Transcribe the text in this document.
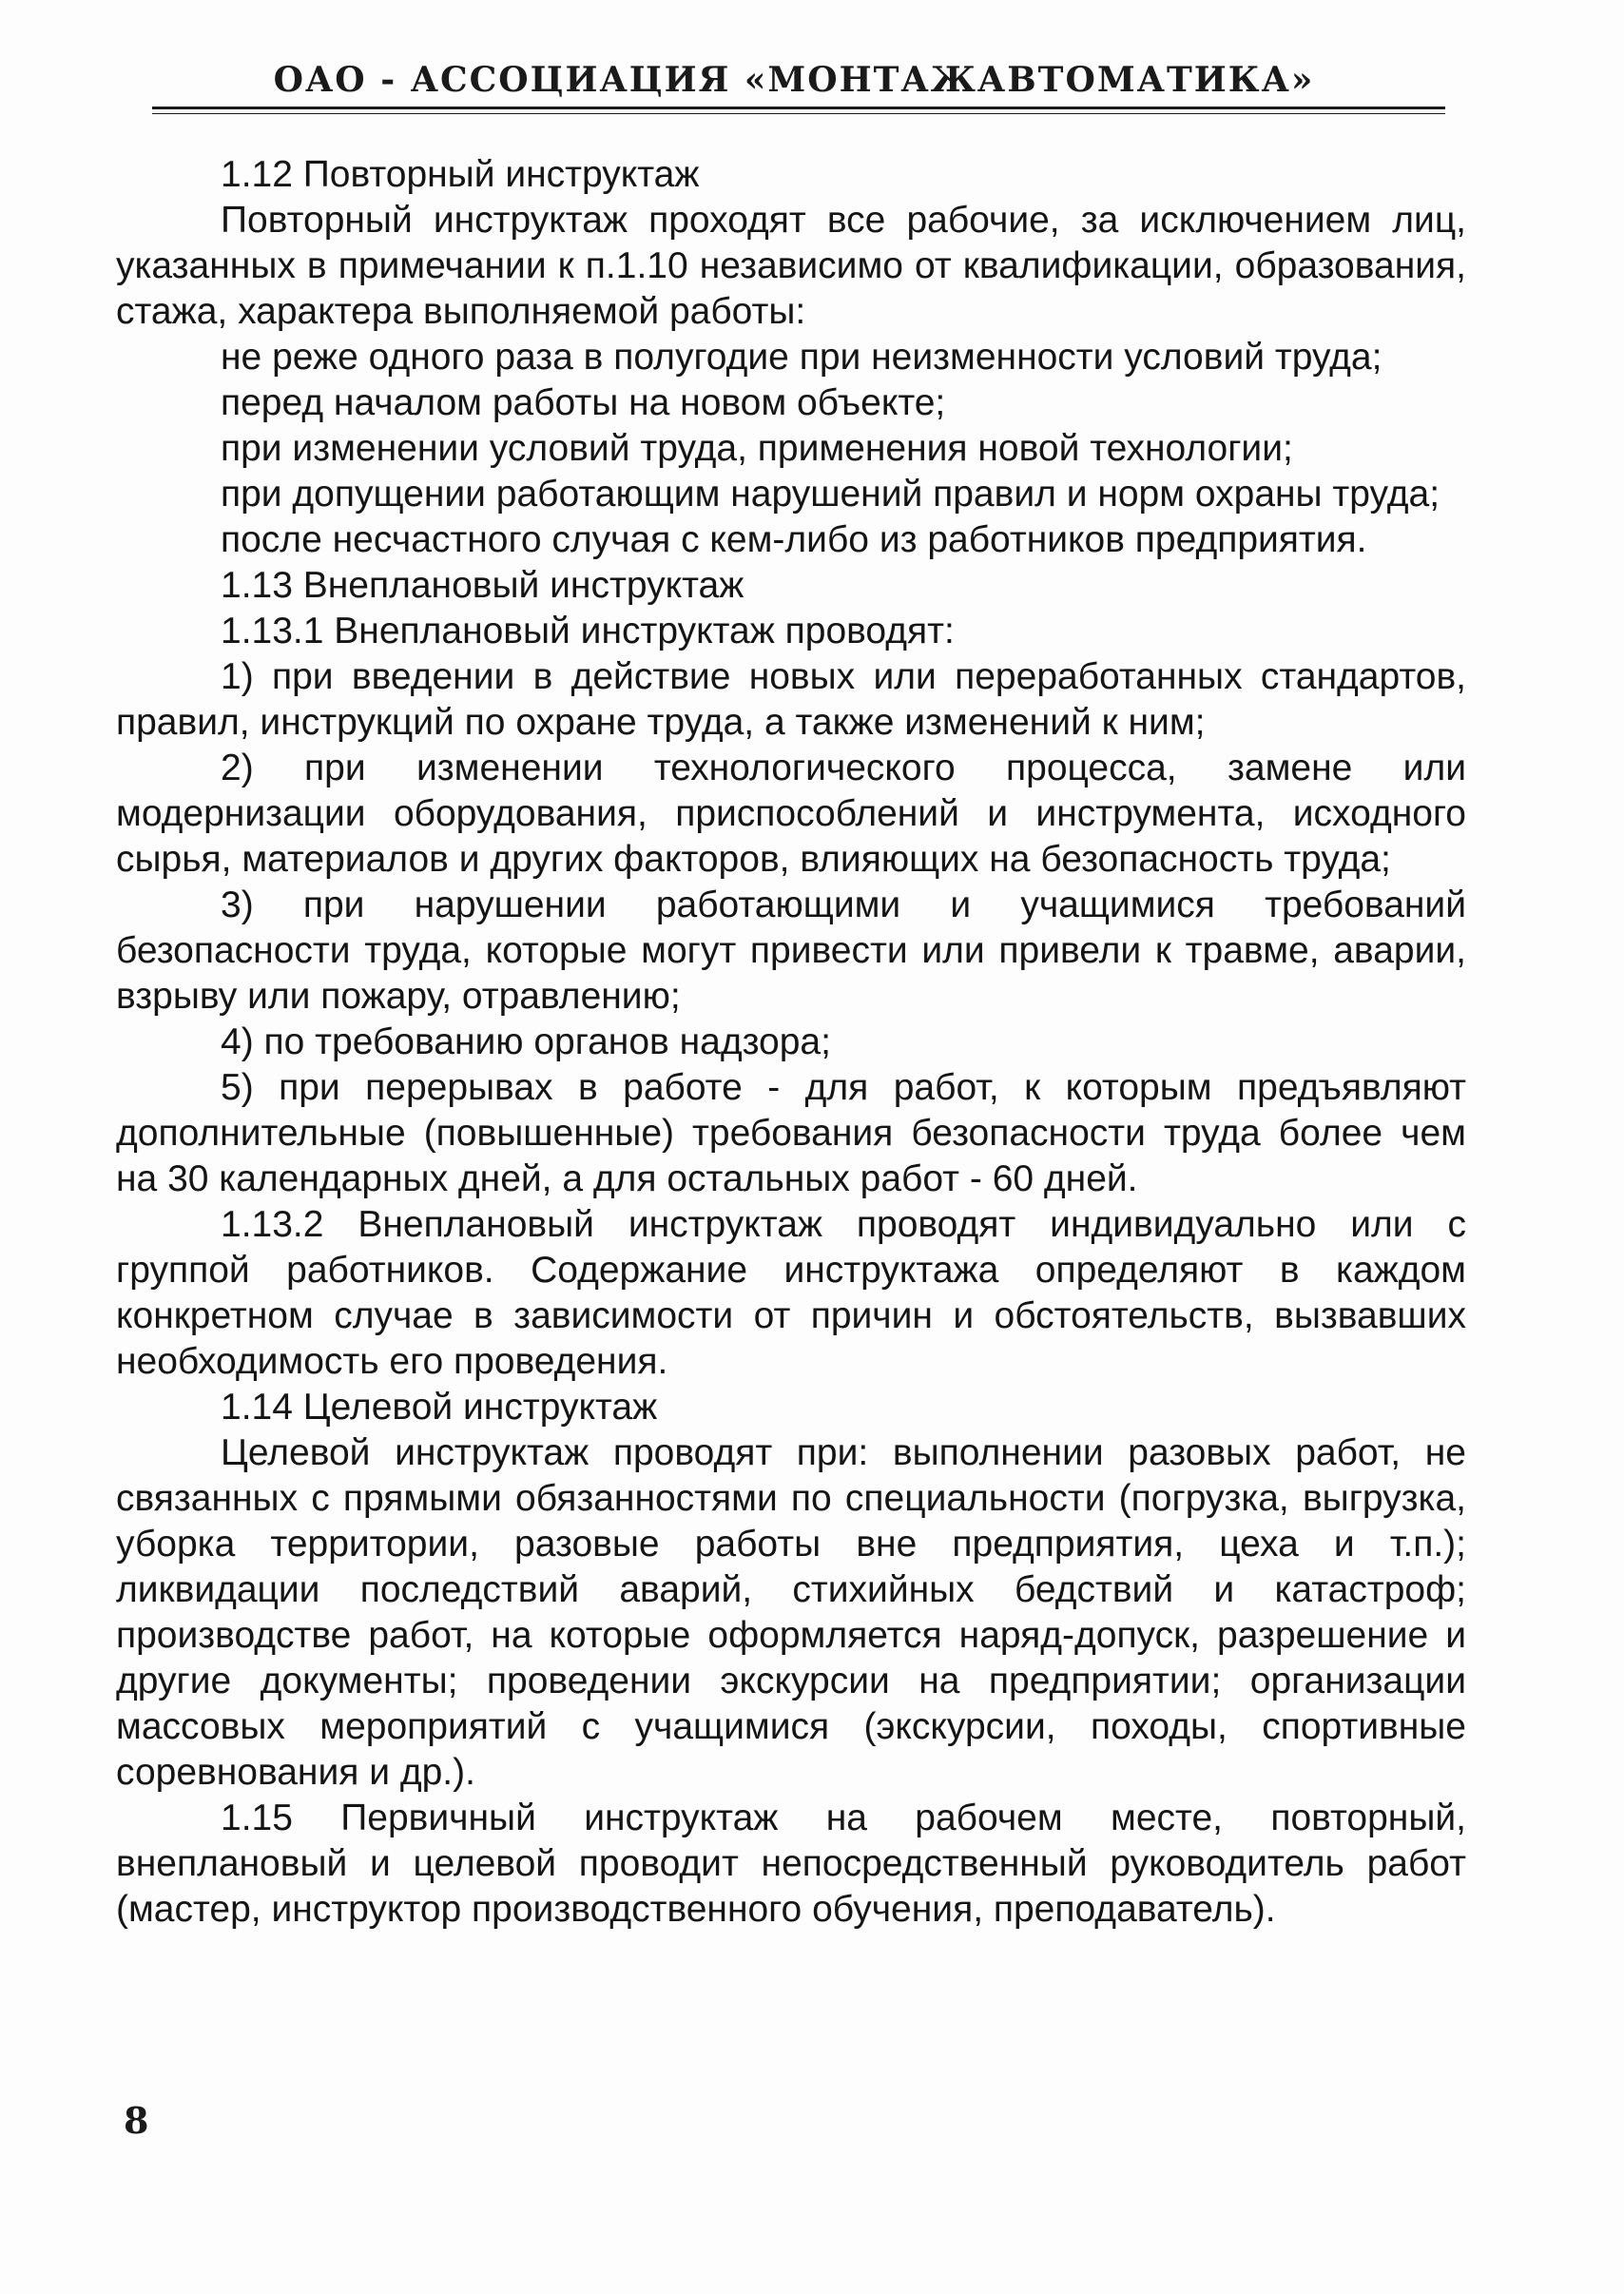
ОАО - АССОЦИАЦИЯ «МОНТАЖАВТОМАТИКА»

1.12 Повторный инструктаж

Повторный инструктаж проходят все рабочие, за исключением лиц, указанных в примечании к п.1.10 независимо от квалификации, образования, стажа, характера выполняемой работы:

не реже одного раза в полугодие при неизменности условий труда;

перед началом работы на новом объекте;

при изменении условий труда, применения новой технологии;

при допущении работающим нарушений правил и норм охраны труда;

после несчастного случая с кем-либо из работников предприятия.

1.13 Внеплановый инструктаж

1.13.1 Внеплановый инструктаж проводят:

1) при введении в действие новых или переработанных стандартов, правил, инструкций по охране труда, а также изменений к ним;

2) при изменении технологического процесса, замене или модернизации оборудования, приспособлений и инструмента, исходного сырья, материалов и других факторов, влияющих на безопасность труда;

3) при нарушении работающими и учащимися требований безопасности труда, которые могут привести или привели к травме, аварии, взрыву или пожару, отравлению;

4) по требованию органов надзора;

5) при перерывах в работе - для работ, к которым предъявляют дополнительные (повышенные) требования безопасности труда более чем на 30 календарных дней, а для остальных работ - 60 дней.

1.13.2 Внеплановый инструктаж проводят индивидуально или с группой работников. Содержание инструктажа определяют в каждом конкретном случае в зависимости от причин и обстоятельств, вызвавших необходимость его проведения.

1.14 Целевой инструктаж

Целевой инструктаж проводят при: выполнении разовых работ, не связанных с прямыми обязанностями по специальности (погрузка, выгрузка, уборка территории, разовые работы вне предприятия, цеха и т.п.); ликвидации последствий аварий, стихийных бедствий и катастроф; производстве работ, на которые оформляется наряд-допуск, разрешение и другие документы; проведении экскурсии на предприятии; организации массовых мероприятий с учащимися (экскурсии, походы, спортивные соревнования и др.).

1.15 Первичный инструктаж на рабочем месте, повторный, внеплановый и целевой проводит непосредственный руководитель работ (мастер, инструктор производственного обучения, преподаватель).

8
